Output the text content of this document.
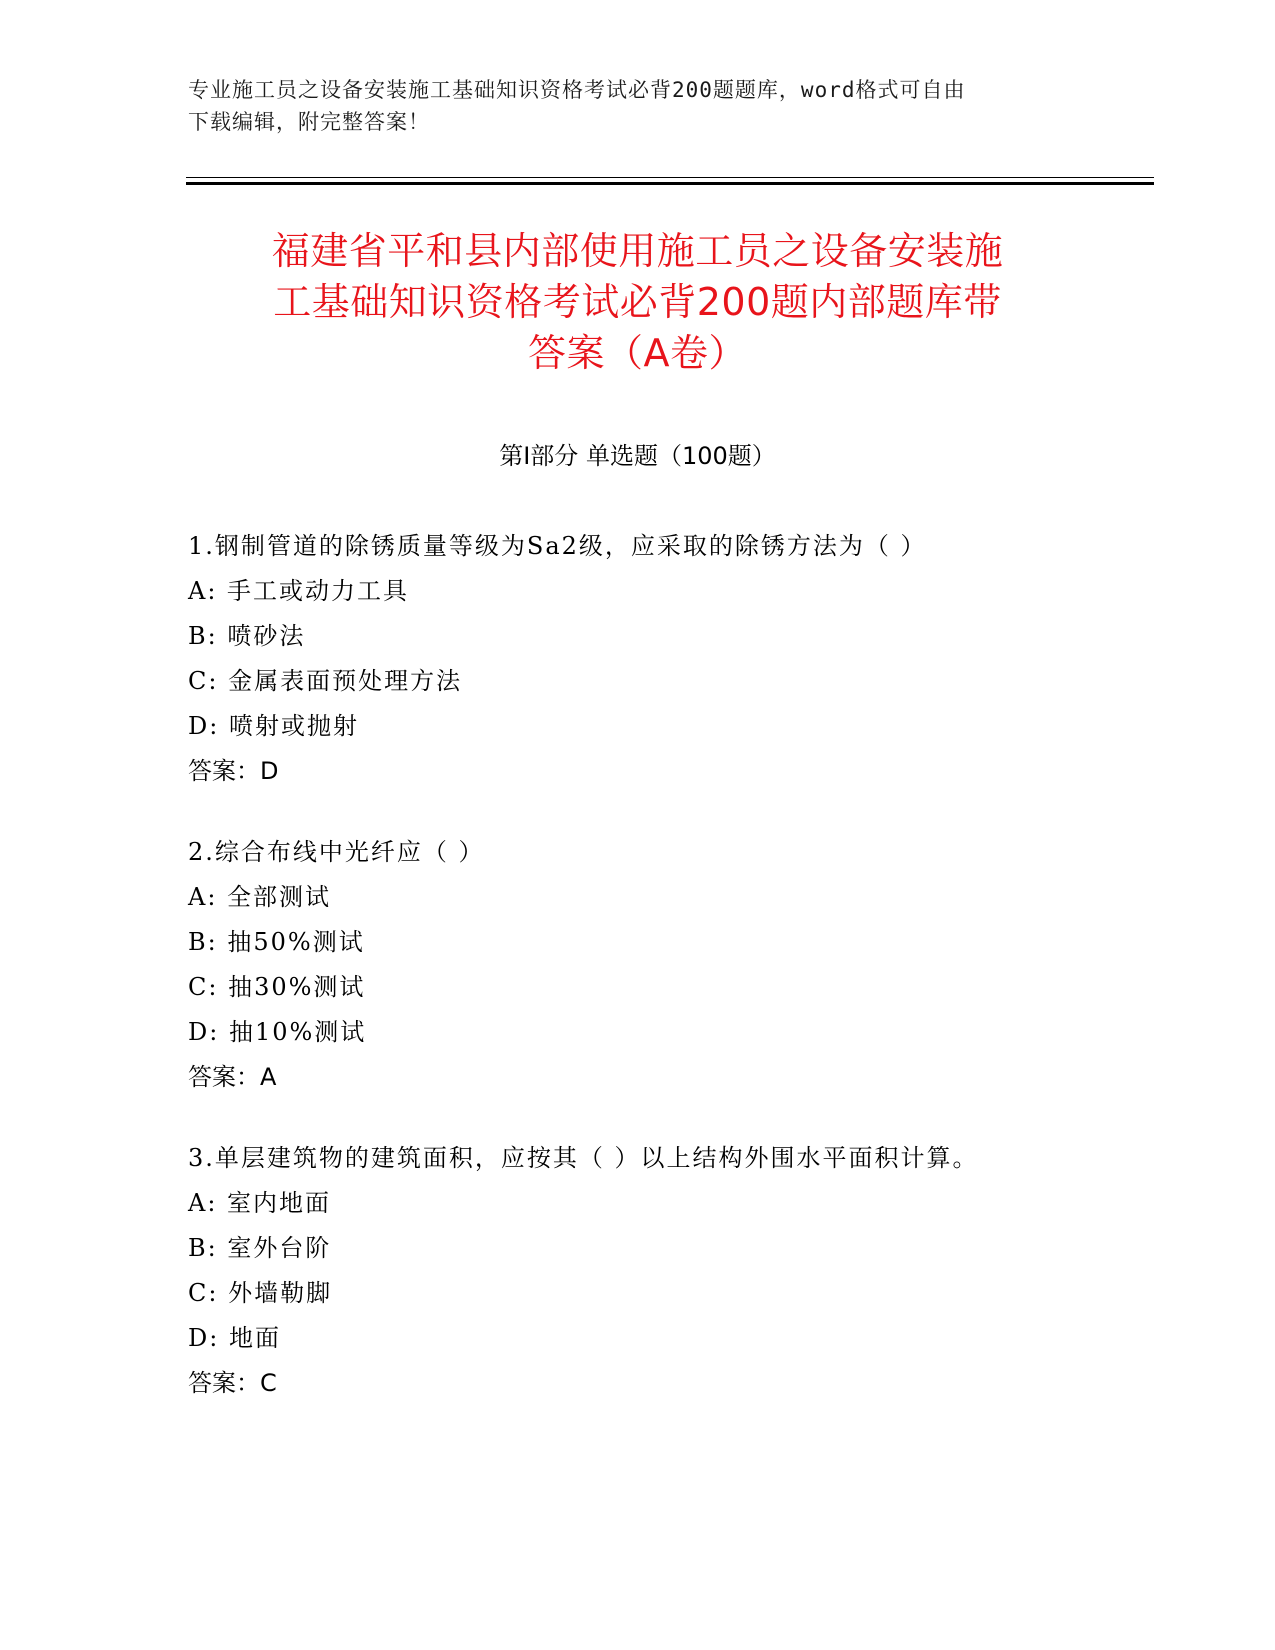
专业施工员之设备安装施工基础知识资格考试必背200题题库，word格式可自由
下载编辑，附完整答案！
福建省平和县内部使用施工员之设备安装施
工基础知识资格考试必背200题内部题库带
答案（A卷）
第I部分 单选题（100题）
1.钢制管道的除锈质量等级为Sa2级，应采取的除锈方法为（ ）
A: 手工或动力工具
B: 喷砂法
C: 金属表面预处理方法
D: 喷射或抛射
答案：D
2.综合布线中光纤应（ ）
A: 全部测试
B: 抽50%测试
C: 抽30%测试
D: 抽10%测试
答案：A
3.单层建筑物的建筑面积，应按其（ ）以上结构外围水平面积计算。
A: 室内地面
B: 室外台阶
C: 外墙勒脚
D: 地面
答案：C
